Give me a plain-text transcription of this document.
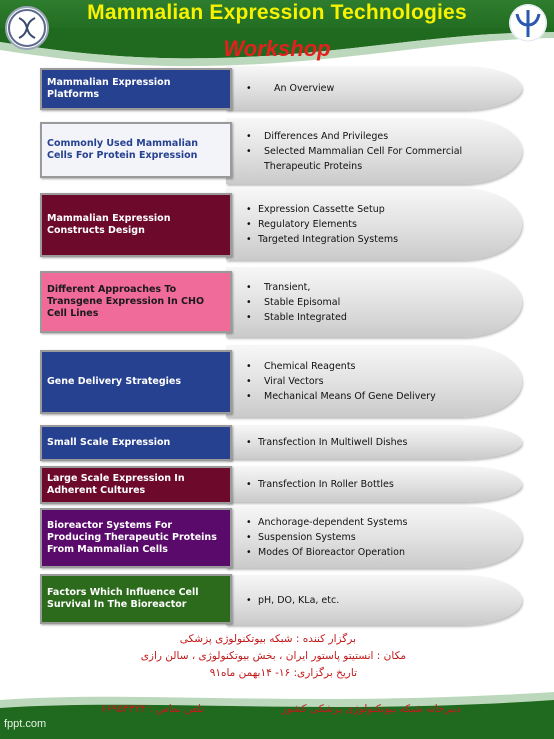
Mammalian Expression Technologies
Workshop
Mammalian Expression Platforms
• An Overview
Commonly Used Mammalian Cells For Protein Expression
• Differences And Privileges
• Selected Mammalian Cell For Commercial Therapeutic Proteins
Mammalian Expression Constructs Design
• Expression Cassette Setup
• Regulatory Elements
• Targeted Integration Systems
Different Approaches To Transgene Expression In CHO Cell Lines
• Transient,
• Stable Episomal
• Stable Integrated
Gene Delivery Strategies
• Chemical Reagents
• Viral Vectors
• Mechanical Means Of Gene Delivery
Small Scale Expression	• Transfection In Multiwell Dishes
Large Scale Expression In Adherent Cultures
• Transfection In Roller Bottles
Bioreactor Systems For Producing Therapeutic Proteins From Mammalian Cells
• Anchorage-dependent Systems
• Suspension Systems
• Modes Of Bioreactor Operation
Factors Which Influence Cell Survival In The Bioreactor	• pH, DO, KLa, etc.
برگزار کننده : شبکه بیوتکنولوژی پزشکی
مکان : انستیتو پاستور ایران ، بخش بیوتکنولوژی ، سالن رازی
تاریخ برگزاری: ۱۶- ۱۴بهمن ماه۹۱
دبیرخانه شبکه بیوتکنولوژی پزشکی کشور
تلفن تماس : ۶۶۹۵۴۳۲۴
fppt.com
